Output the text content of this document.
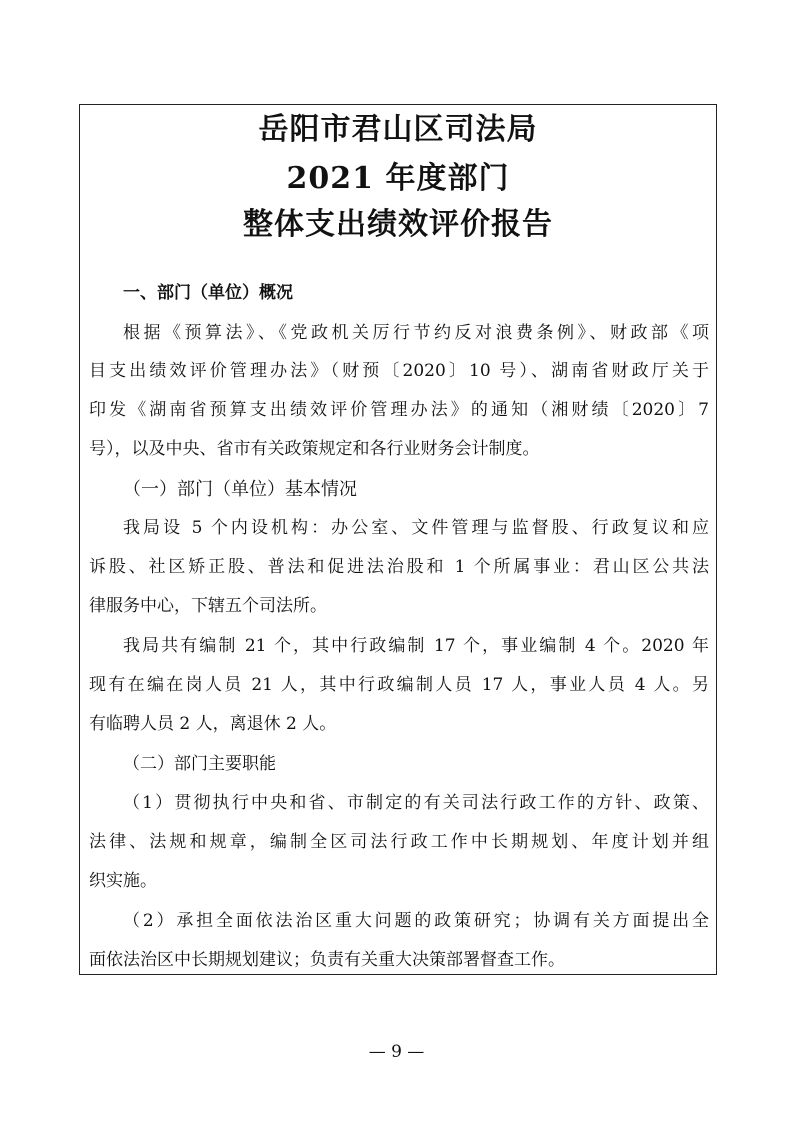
岳阳市君山区司法局
2021 年度部门
整体支出绩效评价报告

一、部门（单位）概况

根据《预算法》、《党政机关厉行节约反对浪费条例》、财政部《项

目支出绩效评价管理办法》（财预〔2020〕10 号）、湖南省财政厅关于

印发《湖南省预算支出绩效评价管理办法》的通知（湘财绩〔2020〕7

号），以及中央、省市有关政策规定和各行业财务会计制度。

（一）部门（单位）基本情况

我局设 5 个内设机构：办公室、文件管理与监督股、行政复议和应

诉股、社区矫正股、普法和促进法治股和 1 个所属事业：君山区公共法

律服务中心，下辖五个司法所。

我局共有编制 21 个，其中行政编制 17 个，事业编制 4 个。2020 年

现有在编在岗人员 21 人，其中行政编制人员 17 人，事业人员 4 人。另

有临聘人员 2 人，离退休 2 人。

（二）部门主要职能

（1）贯彻执行中央和省、市制定的有关司法行政工作的方针、政策、

法律、法规和规章，编制全区司法行政工作中长期规划、年度计划并组

织实施。

（2）承担全面依法治区重大问题的政策研究；协调有关方面提出全

面依法治区中长期规划建议；负责有关重大决策部署督查工作。

— 9 —
